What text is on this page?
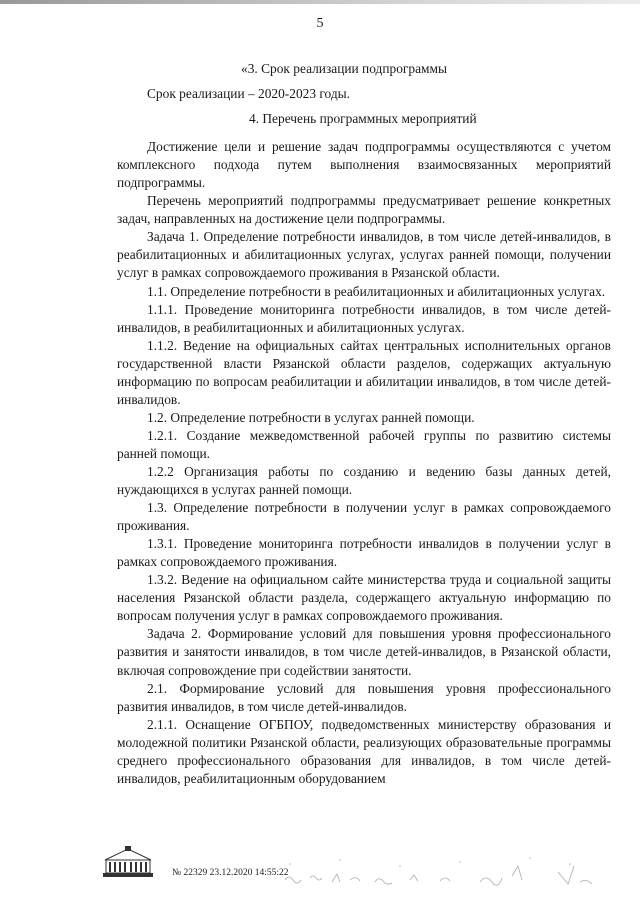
5

«3. Срок реализации подпрограммы

Срок реализации – 2020-2023 годы.

4. Перечень программных мероприятий

Достижение цели и решение задач подпрограммы осуществляются с учетом комплексного подхода путем выполнения взаимосвязанных мероприятий подпрограммы.

Перечень мероприятий подпрограммы предусматривает решение конкретных задач, направленных на достижение цели подпрограммы.

Задача 1. Определение потребности инвалидов, в том числе детей-инвалидов, в реабилитационных и абилитационных услугах, услугах ранней помощи, получении услуг в рамках сопровождаемого проживания в Рязанской области.

1.1. Определение потребности в реабилитационных и абилитационных услугах.

1.1.1. Проведение мониторинга потребности инвалидов, в том числе детей-инвалидов, в реабилитационных и абилитационных услугах.

1.1.2. Ведение на официальных сайтах центральных исполнительных органов государственной власти Рязанской области разделов, содержащих актуальную информацию по вопросам реабилитации и абилитации инвалидов, в том числе детей-инвалидов.

1.2. Определение потребности в услугах ранней помощи.

1.2.1. Создание межведомственной рабочей группы по развитию системы ранней помощи.

1.2.2 Организация работы по созданию и ведению базы данных детей, нуждающихся в услугах ранней помощи.

1.3. Определение потребности в получении услуг в рамках сопровождаемого проживания.

1.3.1. Проведение мониторинга потребности инвалидов в получении услуг в рамках сопровождаемого проживания.

1.3.2. Ведение на официальном сайте министерства труда и социальной защиты населения Рязанской области раздела, содержащего актуальную информацию по вопросам получения услуг в рамках сопровождаемого проживания.

Задача 2. Формирование условий для повышения уровня профессионального развития и занятости инвалидов, в том числе детей-инвалидов, в Рязанской области, включая сопровождение при содействии занятости.

2.1. Формирование условий для повышения уровня профессионального развития инвалидов, в том числе детей-инвалидов.

2.1.1. Оснащение ОГБПОУ, подведомственных министерству образования и молодежной политики Рязанской области, реализующих образовательные программы среднего профессионального образования для инвалидов, в том числе детей-инвалидов, реабилитационным оборудованием

№ 22329 23.12.2020 14:55:22
